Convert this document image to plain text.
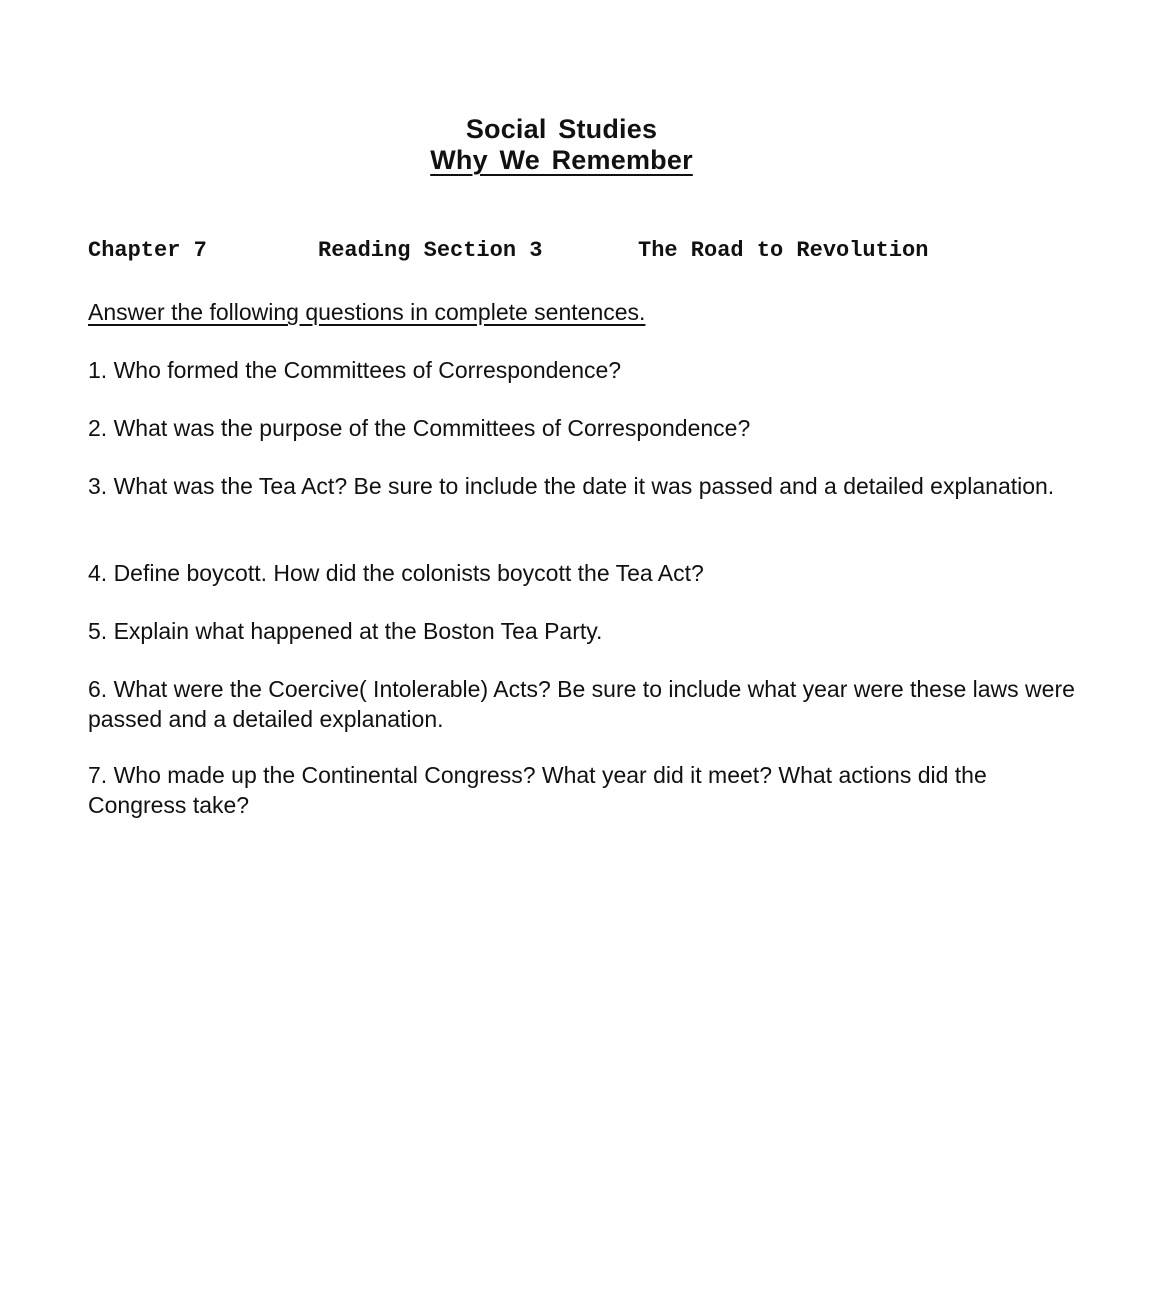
Social Studies
Why We Remember
Chapter 7	Reading Section 3	The Road to Revolution
Answer the following questions in complete sentences.
1. Who formed the Committees of Correspondence?
2. What was the purpose of the Committees of Correspondence?
3. What was the Tea Act? Be sure to include the date it was passed and a detailed explanation.
4. Define boycott. How did the colonists boycott the Tea Act?
5. Explain what happened at the Boston Tea Party.
6. What were the Coercive( Intolerable) Acts? Be sure to include what year were these laws were passed and a detailed explanation.
7. Who made up the Continental Congress? What year did it meet? What actions did the Congress take?
